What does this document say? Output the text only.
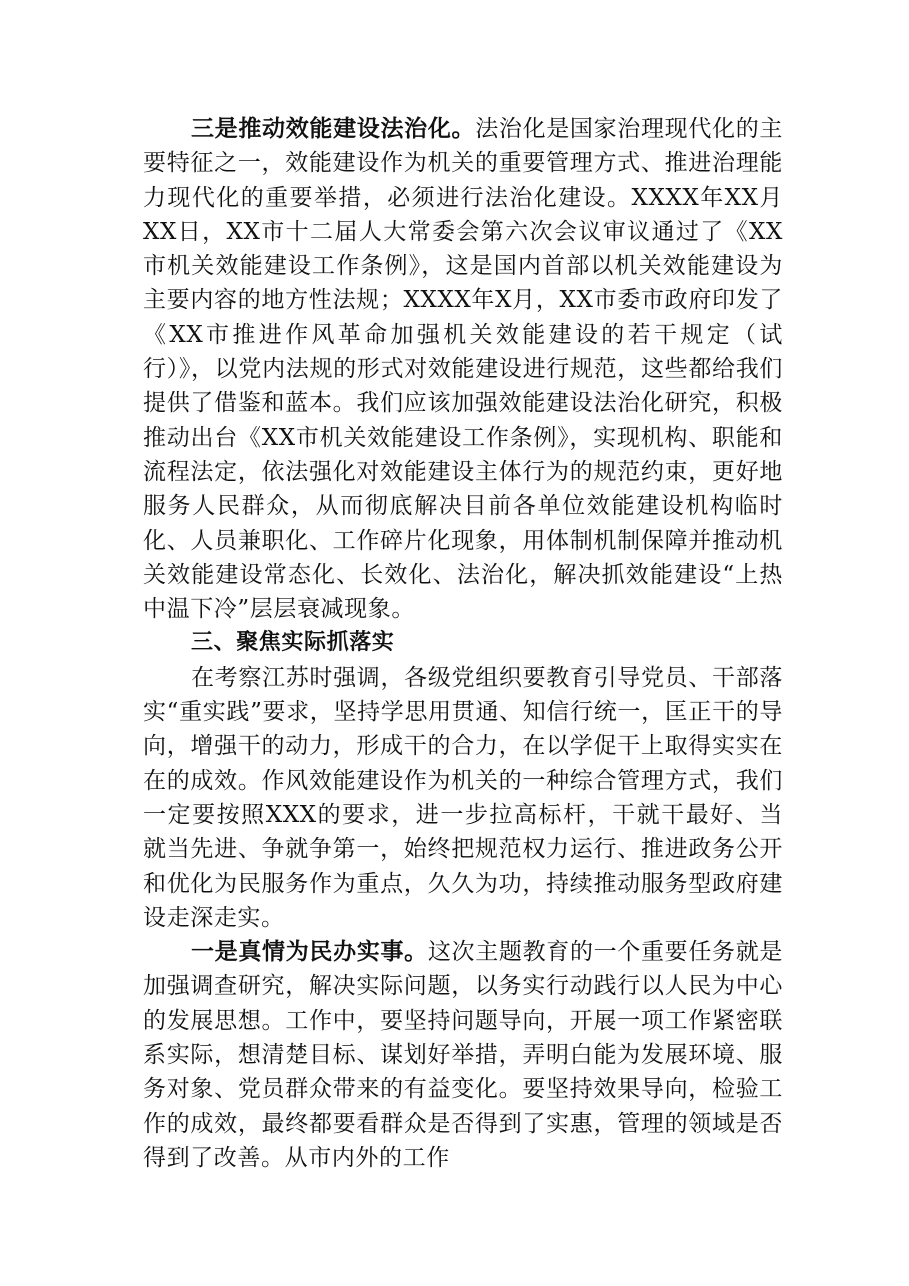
三是推动效能建设法治化。法治化是国家治理现代化的主要特征之一，效能建设作为机关的重要管理方式、推进治理能力现代化的重要举措，必须进行法治化建设。XXXX年XX月XX日，XX市十二届人大常委会第六次会议审议通过了《XX市机关效能建设工作条例》，这是国内首部以机关效能建设为主要内容的地方性法规；XXXX年X月，XX市委市政府印发了《XX市推进作风革命加强机关效能建设的若干规定（试行）》，以党内法规的形式对效能建设进行规范，这些都给我们提供了借鉴和蓝本。我们应该加强效能建设法治化研究，积极推动出台《XX市机关效能建设工作条例》，实现机构、职能和流程法定，依法强化对效能建设主体行为的规范约束，更好地服务人民群众，从而彻底解决目前各单位效能建设机构临时化、人员兼职化、工作碎片化现象，用体制机制保障并推动机关效能建设常态化、长效化、法治化，解决抓效能建设“上热中温下冷”层层衰减现象。

三、聚焦实际抓落实

在考察江苏时强调，各级党组织要教育引导党员、干部落实“重实践”要求，坚持学思用贯通、知信行统一，匡正干的导向，增强干的动力，形成干的合力，在以学促干上取得实实在在的成效。作风效能建设作为机关的一种综合管理方式，我们一定要按照XXX的要求，进一步拉高标杆，干就干最好、当就当先进、争就争第一，始终把规范权力运行、推进政务公开和优化为民服务作为重点，久久为功，持续推动服务型政府建设走深走实。

一是真情为民办实事。这次主题教育的一个重要任务就是加强调查研究，解决实际问题，以务实行动践行以人民为中心的发展思想。工作中，要坚持问题导向，开展一项工作紧密联系实际，想清楚目标、谋划好举措，弄明白能为发展环境、服务对象、党员群众带来的有益变化。要坚持效果导向，检验工作的成效，最终都要看群众是否得到了实惠，管理的领域是否得到了改善。从市内外的工作
